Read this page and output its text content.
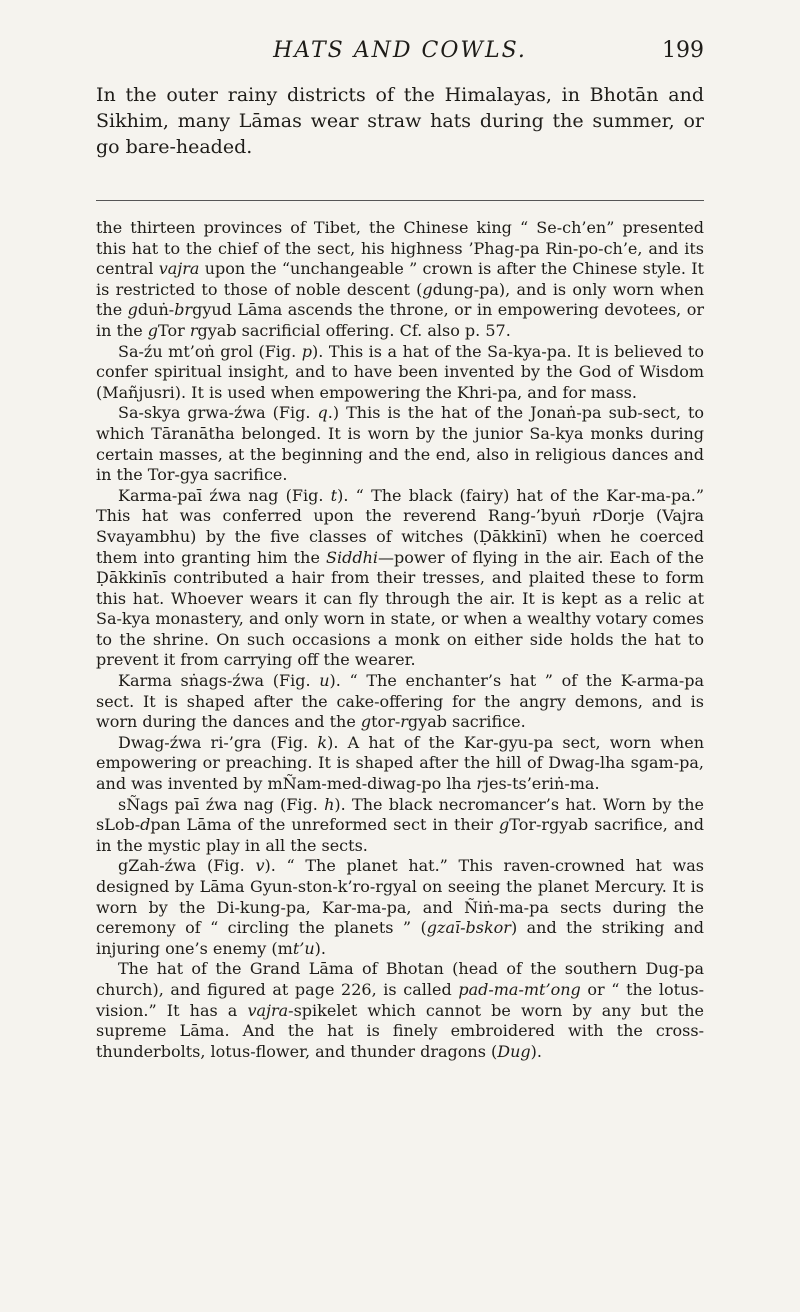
HATS AND COWLS.	199

In the outer rainy districts of the Himalayas, in Bhotān and Sikhim, many Lāmas wear straw hats during the summer, or go bare-headed.

the thirteen provinces of Tibet, the Chinese king “ Se-ch’en” presented this hat to the chief of the sect, his highness ’Phag-pa Rin-po-ch’e, and its central vajra upon the “unchangeable ” crown is after the Chinese style. It is restricted to those of noble descent (gdung-pa), and is only worn when the gduṅ-brgyud Lāma ascends the throne, or in empowering devotees, or in the gTor rgyab sacrificial offering. Cf. also p. 57.

Sa-źu mt’oṅ grol (Fig. p). This is a hat of the Sa-kya-pa. It is believed to confer spiritual insight, and to have been invented by the God of Wisdom (Mañjusri). It is used when empowering the Khri-pa, and for mass.

Sa-skya grwa-źwa (Fig. q.) This is the hat of the Jonaṅ-pa sub-sect, to which Tāranātha belonged. It is worn by the junior Sa-kya monks during certain masses, at the beginning and the end, also in religious dances and in the Tor-gya sacrifice.

Karma-paī źwa nag (Fig. t). “ The black (fairy) hat of the Kar-ma-pa.” This hat was conferred upon the reverend Rang-’byuṅ rDorje (Vajra Svayambhu) by the five classes of witches (Ḍākkinī) when he coerced them into granting him the Siddhi—power of flying in the air. Each of the Ḍākkinīs contributed a hair from their tresses, and plaited these to form this hat. Whoever wears it can fly through the air. It is kept as a relic at Sa-kya monastery, and only worn in state, or when a wealthy votary comes to the shrine. On such occasions a monk on either side holds the hat to prevent it from carrying off the wearer.

Karma sṅags-źwa (Fig. u). “ The enchanter’s hat ” of the K-arma-pa sect. It is shaped after the cake-offering for the angry demons, and is worn during the dances and the gtor-rgyab sacrifice.

Dwag-źwa ri-’gra (Fig. k). A hat of the Kar-gyu-pa sect, worn when empowering or preaching. It is shaped after the hill of Dwag-lha sgam-pa, and was invented by mÑam-med-diwag-po lha rjes-ts’eriṅ-ma.

sÑags paī źwa nag (Fig. h). The black necromancer’s hat. Worn by the sLob-dpan Lāma of the unreformed sect in their gTor-rgyab sacrifice, and in the mystic play in all the sects.

gZah-źwa (Fig. v). “ The planet hat.” This raven-crowned hat was designed by Lāma Gyun-ston-k’ro-rgyal on seeing the planet Mercury. It is worn by the Di-kung-pa, Kar-ma-pa, and Ñiṅ-ma-pa sects during the ceremony of “ circling the planets ” (gzaī-bskor) and the striking and injuring one’s enemy (mt’u).

The hat of the Grand Lāma of Bhotan (head of the southern Dug-pa church), and figured at page 226, is called pad-ma-mt’ong or “ the lotus-vision.” It has a vajra-spikelet which cannot be worn by any but the supreme Lāma. And the hat is finely embroidered with the cross-thunderbolts, lotus-flower, and thunder dragons (Dug).
